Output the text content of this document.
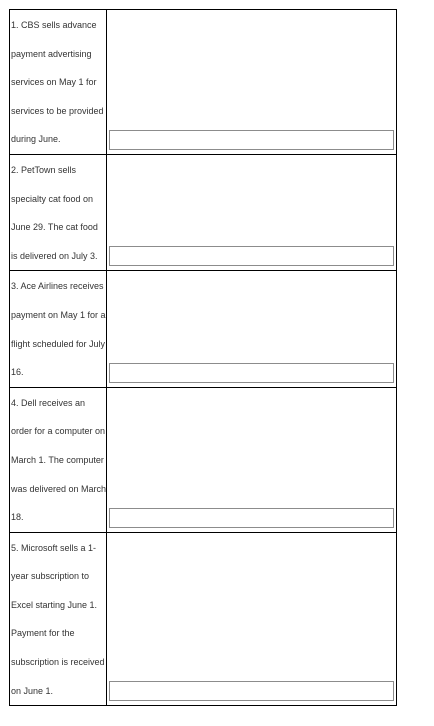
1. CBS sells advance payment advertising services on May 1 for services to be provided during June.

2. PetTown sells specialty cat food on June 29. The cat food is delivered on July 3.

3. Ace Airlines receives payment on May 1 for a flight scheduled for July 16.

4. Dell receives an order for a computer on March 1. The computer was delivered on March 18.

5. Microsoft sells a 1-year subscription to Excel starting June 1. Payment for the subscription is received on June 1.
